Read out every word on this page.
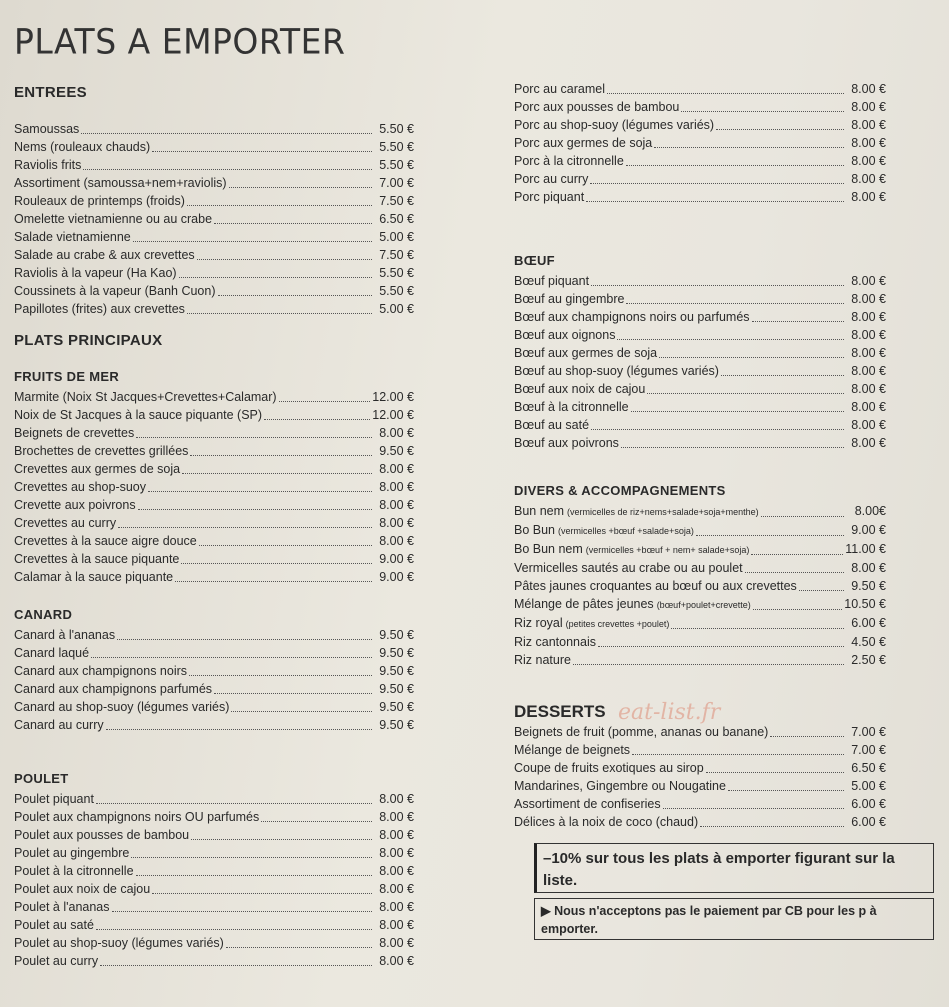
PLATS A EMPORTER
ENTREES
Samoussas	5.50 €
Nems (rouleaux chauds)	5.50 €
Raviolis frits	5.50 €
Assortiment (samoussa+nem+raviolis)	7.00 €
Rouleaux de printemps (froids)	7.50 €
Omelette vietnamienne ou au crabe	6.50 €
Salade vietnamienne	5.00 €
Salade au crabe & aux crevettes	7.50 €
Raviolis à la vapeur (Ha Kao)	5.50 €
Coussinets à la vapeur (Banh Cuon)	5.50 €
Papillotes (frites) aux crevettes	5.00 €
PLATS PRINCIPAUX
FRUITS DE MER
Marmite (Noix St Jacques+Crevettes+Calamar)	12.00 €
Noix de St Jacques à la sauce piquante (SP)	12.00 €
Beignets de crevettes	8.00 €
Brochettes de crevettes grillées	9.50 €
Crevettes aux germes de soja	8.00 €
Crevettes au shop-suoy	8.00 €
Crevette aux poivrons	8.00 €
Crevettes au curry	8.00 €
Crevettes à la sauce aigre douce	8.00 €
Crevettes à la sauce piquante	9.00 €
Calamar à la sauce piquante	9.00 €
CANARD
Canard à l'ananas	9.50 €
Canard laqué	9.50 €
Canard aux champignons noirs	9.50 €
Canard aux champignons parfumés	9.50 €
Canard au shop-suoy (légumes variés)	9.50 €
Canard au curry	9.50 €
POULET
Poulet piquant	8.00 €
Poulet aux champignons noirs OU parfumés	8.00 €
Poulet aux pousses de bambou	8.00 €
Poulet au gingembre	8.00 €
Poulet à la citronnelle	8.00 €
Poulet aux noix de cajou	8.00 €
Poulet à l'ananas	8.00 €
Poulet au saté	8.00 €
Poulet au shop-suoy (légumes variés)	8.00 €
Poulet au curry	8.00 €
Porc au caramel	8.00 €
Porc aux pousses de bambou	8.00 €
Porc au shop-suoy (légumes variés)	8.00 €
Porc aux germes de soja	8.00 €
Porc à la citronnelle	8.00 €
Porc au curry	8.00 €
Porc piquant	8.00 €
BŒUF
Bœuf piquant	8.00 €
Bœuf au gingembre	8.00 €
Bœuf aux champignons noirs ou parfumés	8.00 €
Bœuf aux oignons	8.00 €
Bœuf aux germes de soja	8.00 €
Bœuf au shop-suoy (légumes variés)	8.00 €
Bœuf aux noix de cajou	8.00 €
Bœuf à la citronnelle	8.00 €
Bœuf au saté	8.00 €
Bœuf aux poivrons	8.00 €
DIVERS & ACCOMPAGNEMENTS
Bun nem (vermicelles de riz+nems+salade+soja+menthe)	8.00€
Bo Bun (vermicelles +bœuf +salade+soja)	9.00 €
Bo Bun nem (vermicelles +bœuf + nem+ salade+soja)	11.00 €
Vermicelles sautés au crabe ou au poulet	8.00 €
Pâtes jaunes croquantes au bœuf ou aux crevettes	9.50 €
Mélange de pâtes jeunes (bœuf+poulet+crevette)	10.50 €
Riz royal (petites crevettes +poulet)	6.00 €
Riz cantonnais	4.50 €
Riz nature	2.50 €
DESSERTS
Beignets de fruit (pomme, ananas ou banane)	7.00 €
Mélange de beignets	7.00 €
Coupe de fruits exotiques au sirop	6.50 €
Mandarines, Gingembre ou Nougatine	5.00 €
Assortiment de confiseries	6.00 €
Délices à la noix de coco (chaud)	6.00 €
eat-list.fr
–10% sur tous les plats à emporter figurant sur la liste.
▶ Nous n'acceptons pas le paiement par CB pour les p à emporter.
